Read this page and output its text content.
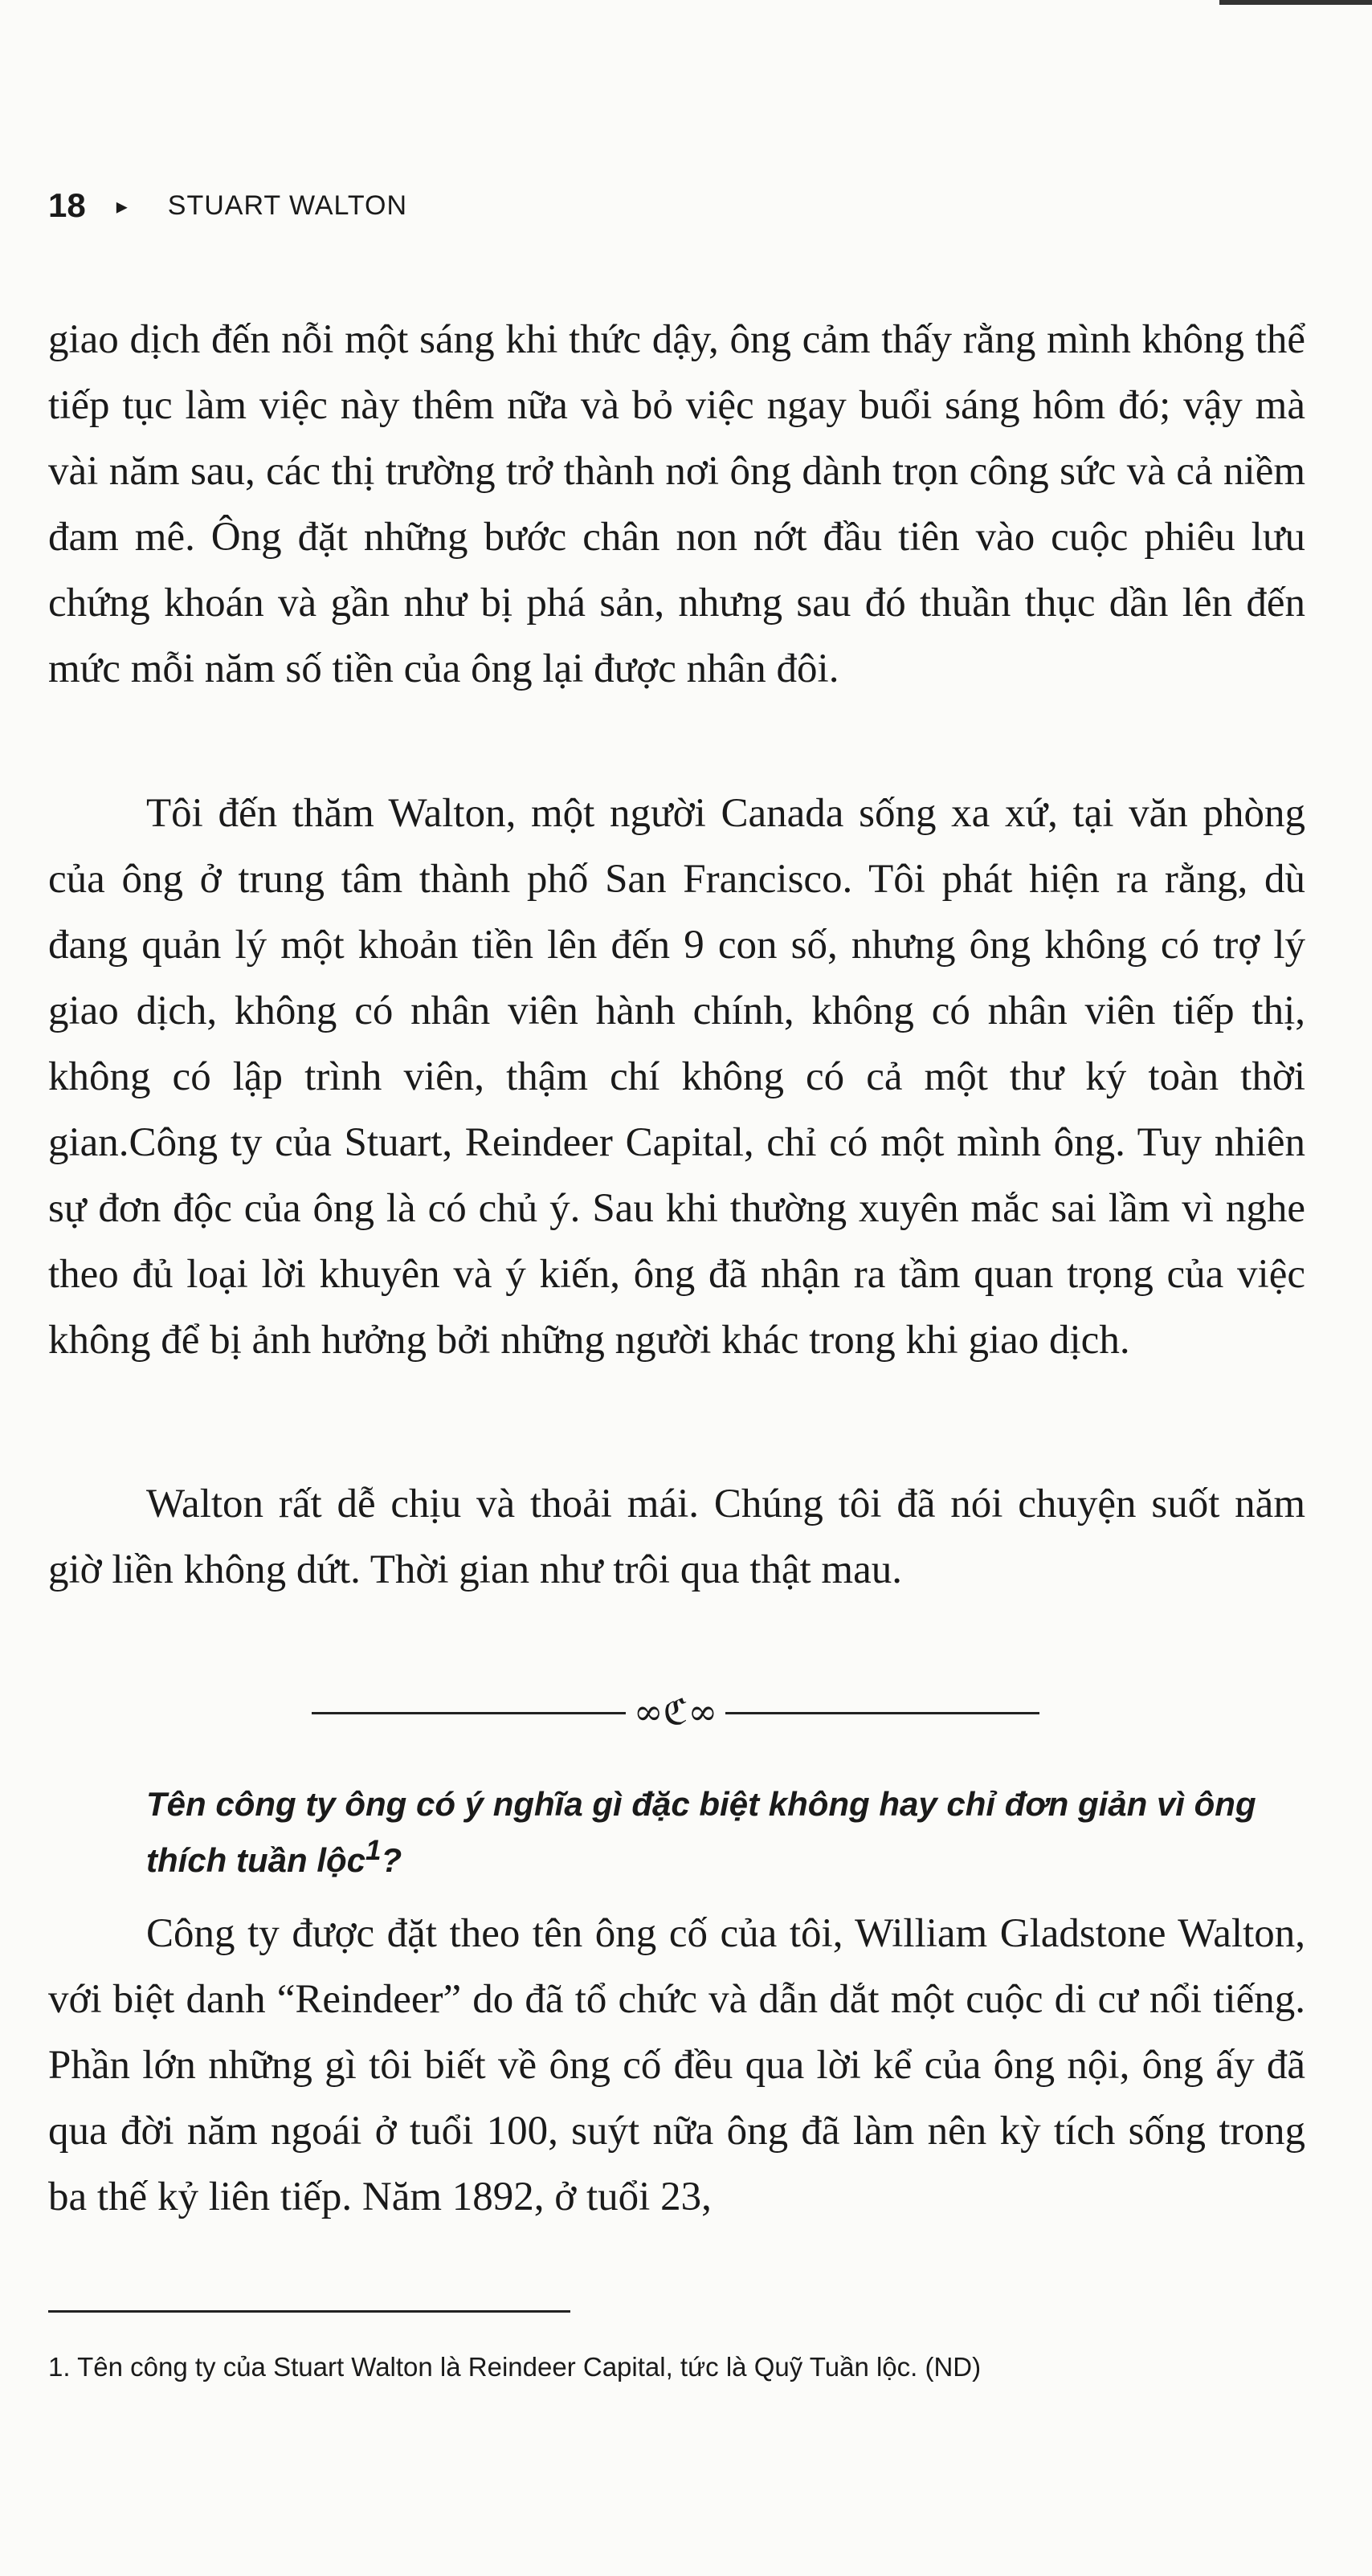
18 ▸ STUART WALTON

giao dịch đến nỗi một sáng khi thức dậy, ông cảm thấy rằng mình không thể tiếp tục làm việc này thêm nữa và bỏ việc ngay buổi sáng hôm đó; vậy mà vài năm sau, các thị trường trở thành nơi ông dành trọn công sức và cả niềm đam mê. Ông đặt những bước chân non nớt đầu tiên vào cuộc phiêu lưu chứng khoán và gần như bị phá sản, nhưng sau đó thuần thục dần lên đến mức mỗi năm số tiền của ông lại được nhân đôi.

Tôi đến thăm Walton, một người Canada sống xa xứ, tại văn phòng của ông ở trung tâm thành phố San Francisco. Tôi phát hiện ra rằng, dù đang quản lý một khoản tiền lên đến 9 con số, nhưng ông không có trợ lý giao dịch, không có nhân viên hành chính, không có nhân viên tiếp thị, không có lập trình viên, thậm chí không có cả một thư ký toàn thời gian.Công ty của Stuart, Reindeer Capital, chỉ có một mình ông. Tuy nhiên sự đơn độc của ông là có chủ ý. Sau khi thường xuyên mắc sai lầm vì nghe theo đủ loại lời khuyên và ý kiến, ông đã nhận ra tầm quan trọng của việc không để bị ảnh hưởng bởi những người khác trong khi giao dịch.

Walton rất dễ chịu và thoải mái. Chúng tôi đã nói chuyện suốt năm giờ liền không dứt. Thời gian như trôi qua thật mau.

∞ℭ∞

Tên công ty ông có ý nghĩa gì đặc biệt không hay chỉ đơn giản vì ông thích tuần lộc$^1$?

Công ty được đặt theo tên ông cố của tôi, William Gladstone Walton, với biệt danh “Reindeer” do đã tổ chức và dẫn dắt một cuộc di cư nổi tiếng. Phần lớn những gì tôi biết về ông cố đều qua lời kể của ông nội, ông ấy đã qua đời năm ngoái ở tuổi 100, suýt nữa ông đã làm nên kỳ tích sống trong ba thế kỷ liên tiếp. Năm 1892, ở tuổi 23,

1. Tên công ty của Stuart Walton là Reindeer Capital, tức là Quỹ Tuần lộc. (ND)
